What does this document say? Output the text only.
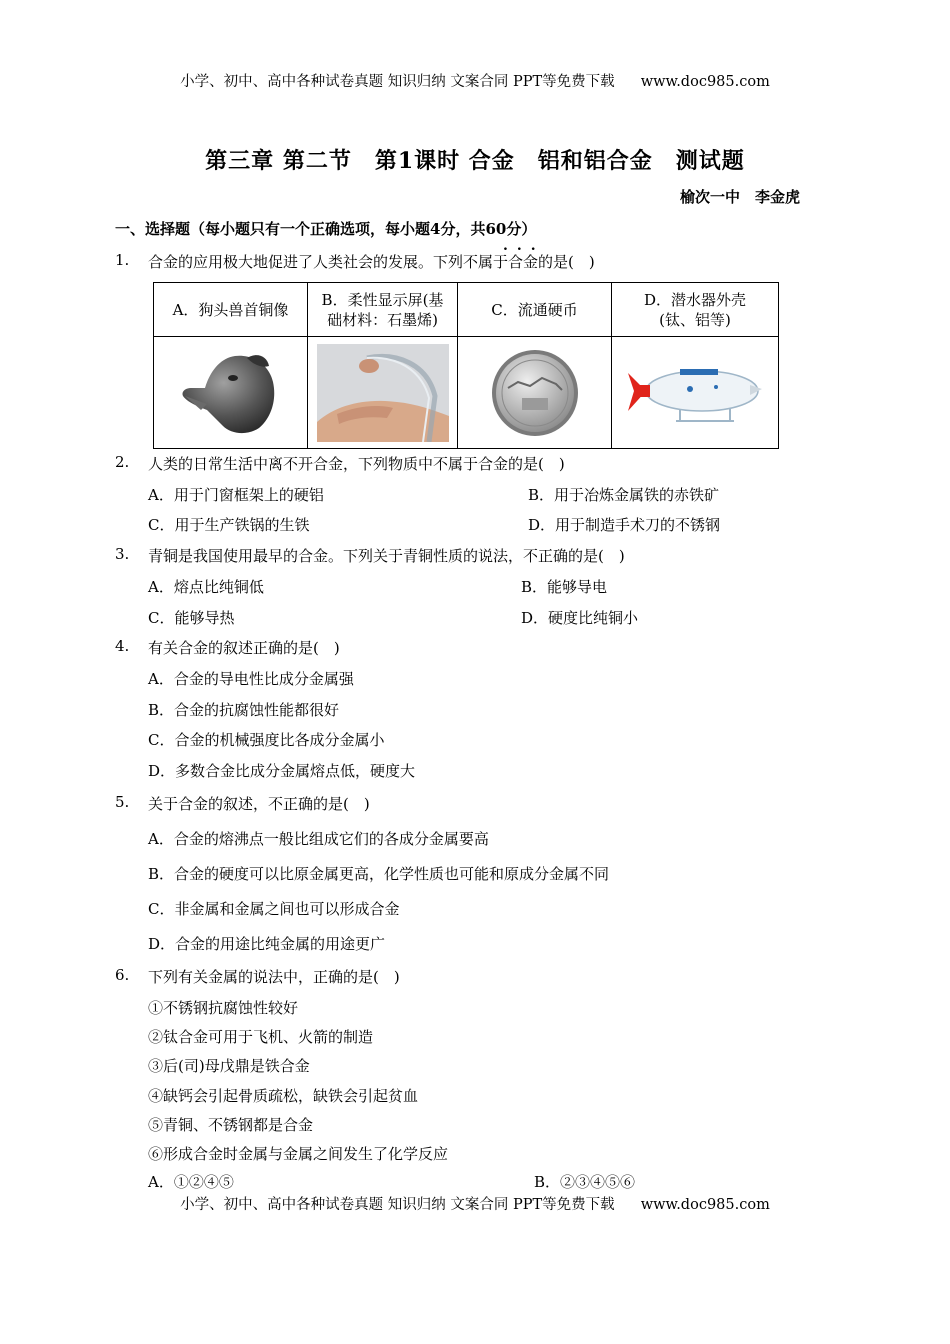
小学、初中、高中各种试卷真题 知识归纳 文案合同 PPT等免费下载 www.doc985.com
第三章 第二节　第1课时 合金　铝和铝合金　测试题
榆次一中　李金虎
一、选择题（每小题只有一个正确选项，每小题4分，共60分）
...
1. 合金的应用极大地促进了人类社会的发展。下列不属于合金的是(　)
A．狗头兽首铜像	B．柔性显示屏(基
础材料：石墨烯)	C．流通硬币	D．潜水器外壳
(钛、铝等)

2. 人类的日常生活中离不开合金，下列物质中不属于合金的是(　)
A．用于门窗框架上的硬铝	B．用于冶炼金属铁的赤铁矿
C．用于生产铁锅的生铁	D．用于制造手术刀的不锈钢
3. 青铜是我国使用最早的合金。下列关于青铜性质的说法，不正确的是(　)
A．熔点比纯铜低	B．能够导电
C．能够导热	D．硬度比纯铜小
4. 有关合金的叙述正确的是(　)
A．合金的导电性比成分金属强
B．合金的抗腐蚀性能都很好
C．合金的机械强度比各成分金属小
D．多数合金比成分金属熔点低，硬度大
5. 关于合金的叙述，不正确的是(　)
A．合金的熔沸点一般比组成它们的各成分金属要高
B．合金的硬度可以比原金属更高，化学性质也可能和原成分金属不同
C．非金属和金属之间也可以形成合金
D．合金的用途比纯金属的用途更广
6. 下列有关金属的说法中，正确的是(　)
①不锈钢抗腐蚀性较好
②钛合金可用于飞机、火箭的制造
③后(司)母戊鼎是铁合金
④缺钙会引起骨质疏松，缺铁会引起贫血
⑤青铜、不锈钢都是合金
⑥形成合金时金属与金属之间发生了化学反应
A．①②④⑤	B．②③④⑤⑥
小学、初中、高中各种试卷真题 知识归纳 文案合同 PPT等免费下载 www.doc985.com
